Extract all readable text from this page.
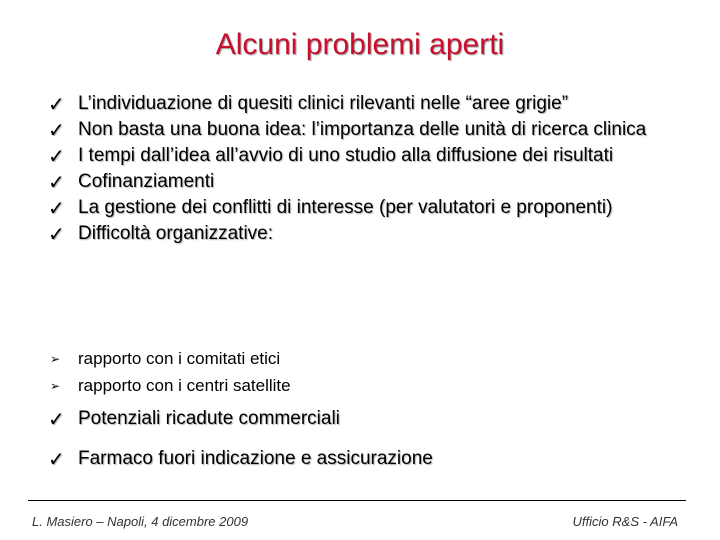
Alcuni problemi aperti
✓ L’individuazione di quesiti clinici rilevanti nelle “aree grigie”
✓ Non basta una buona idea: l’importanza delle unità di ricerca clinica
✓ I tempi dall’idea all’avvio di uno studio alla diffusione dei risultati
✓ Cofinanziamenti
✓ La gestione dei conflitti di interesse (per valutatori e proponenti)
✓ Difficoltà organizzative:
➢ rapporto con i comitati etici
➢ rapporto con i centri satellite
✓ Potenziali ricadute commerciali
✓ Farmaco fuori indicazione e assicurazione
L. Masiero – Napoli, 4 dicembre 2009	Ufficio R&S - AIFA
